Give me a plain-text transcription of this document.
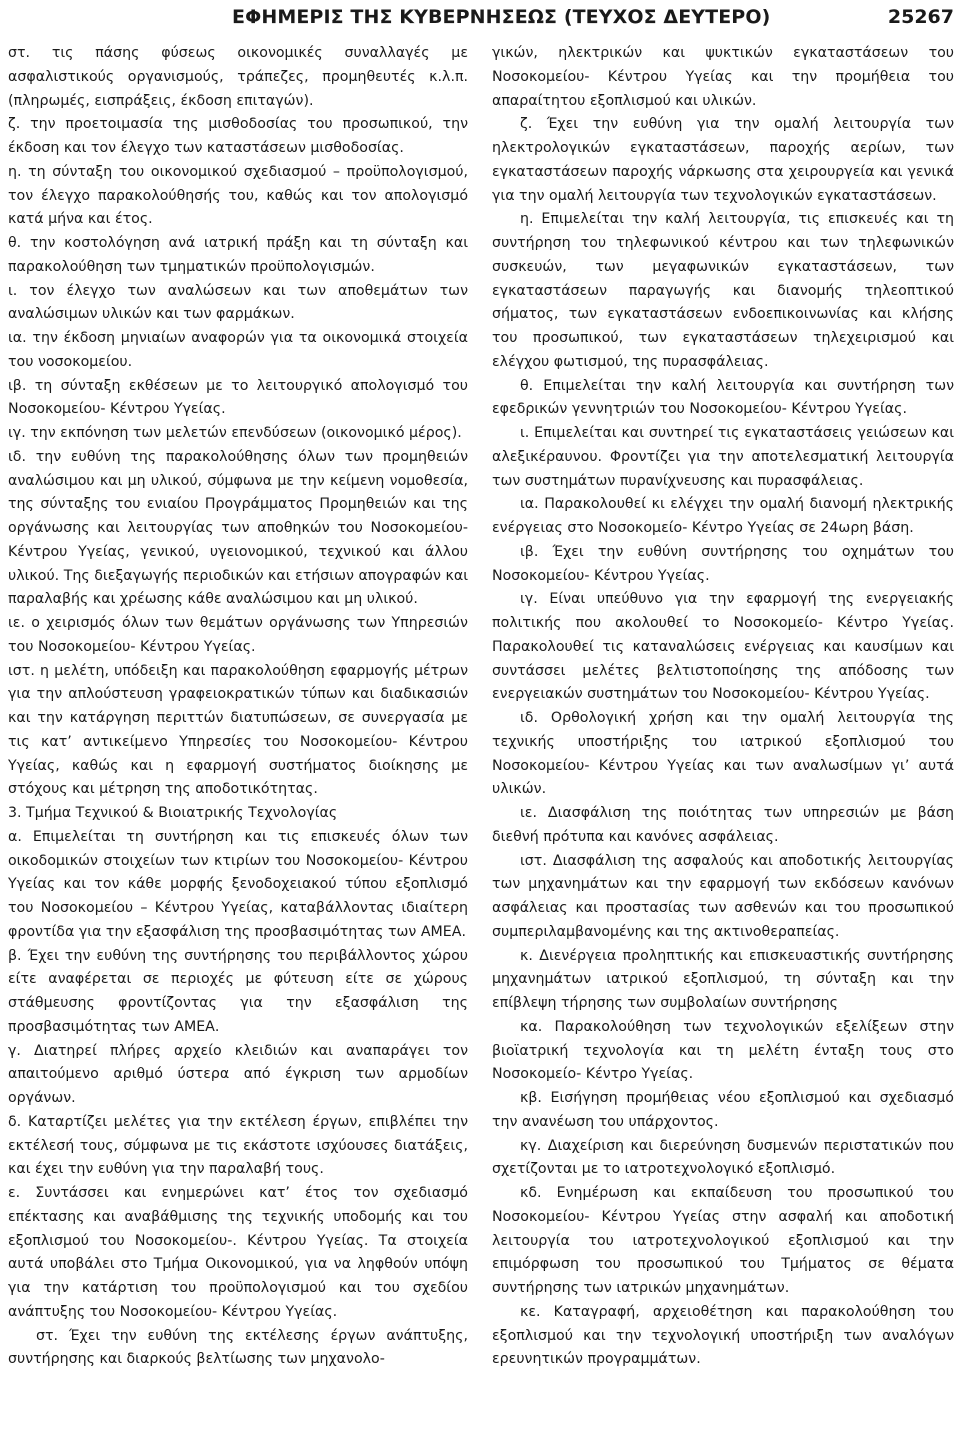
ΕΦΗΜΕΡΙΣ ΤΗΣ ΚΥΒΕΡΝΗΣΕΩΣ (ΤΕΥΧΟΣ ΔΕΥΤΕΡΟ)	25267

στ. τις πάσης φύσεως οικονομικές συναλλαγές με ασφαλιστικούς οργανισμούς, τράπεζες, προμηθευτές κ.λ.π. (πληρωμές, εισπράξεις, έκδοση επιταγών).

ζ. την προετοιμασία της μισθοδοσίας του προσωπικού, την έκδοση και τον έλεγχο των καταστάσεων μισθοδοσίας.

η. τη σύνταξη του οικονομικού σχεδιασμού – προϋπολογισμού, τον έλεγχο παρακολούθησής του, καθώς και τον απολογισμό κατά μήνα και έτος.

θ. την κοστολόγηση ανά ιατρική πράξη και τη σύνταξη και παρακολούθηση των τμηματικών προϋπολογισμών.

ι. τον έλεγχο των αναλώσεων και των αποθεμάτων των αναλώσιμων υλικών και των φαρμάκων.

ια. την έκδοση μηνιαίων αναφορών για τα οικονομικά στοιχεία του νοσοκομείου.

ιβ. τη σύνταξη εκθέσεων με το λειτουργικό απολογισμό του Νοσοκομείου- Κέντρου Υγείας.

ιγ. την εκπόνηση των μελετών επενδύσεων (οικονομικό μέρος).

ιδ. την ευθύνη της παρακολούθησης όλων των προμηθειών αναλώσιμου και μη υλικού, σύμφωνα με την κείμενη νομοθεσία, της σύνταξης του ενιαίου Προγράμματος Προμηθειών και της οργάνωσης και λειτουργίας των αποθηκών του Νοσοκομείου- Κέντρου Υγείας, γενικού, υγειονομικού, τεχνικού και άλλου υλικού. Της διεξαγωγής περιοδικών και ετήσιων απογραφών και παραλαβής και χρέωσης κάθε αναλώσιμου και μη υλικού.

ιε. ο χειρισμός όλων των θεμάτων οργάνωσης των Υπηρεσιών του Νοσοκομείου- Κέντρου Υγείας.

ιστ. η μελέτη, υπόδειξη και παρακολούθηση εφαρμογής μέτρων για την απλούστευση γραφειοκρατικών τύπων και διαδικασιών και την κατάργηση περιττών διατυπώσεων, σε συνεργασία με τις κατ’ αντικείμενο Υπηρεσίες του Νοσοκομείου- Κέντρου Υγείας, καθώς και η εφαρμογή συστήματος διοίκησης με στόχους και μέτρηση της αποδοτικότητας.

3. Τμήμα Τεχνικού & Βιοιατρικής Τεχνολογίας

α. Επιμελείται τη συντήρηση και τις επισκευές όλων των οικοδομικών στοιχείων των κτιρίων του Νοσοκομείου- Κέντρου Υγείας και τον κάθε μορφής ξενοδοχειακού τύπου εξοπλισμό του Νοσοκομείου – Κέντρου Υγείας, καταβάλλοντας ιδιαίτερη φροντίδα για την εξασφάλιση της προσβασιμότητας των ΑΜΕΑ.

β. Έχει την ευθύνη της συντήρησης του περιβάλλοντος χώρου είτε αναφέρεται σε περιοχές με φύτευση είτε σε χώρους στάθμευσης φροντίζοντας για την εξασφάλιση της προσβασιμότητας των ΑΜΕΑ.

γ. Διατηρεί πλήρες αρχείο κλειδιών και αναπαράγει τον απαιτούμενο αριθμό ύστερα από έγκριση των αρμοδίων οργάνων.

δ. Καταρτίζει μελέτες για την εκτέλεση έργων, επιβλέπει την εκτέλεσή τους, σύμφωνα με τις εκάστοτε ισχύουσες διατάξεις, και έχει την ευθύνη για την παραλαβή τους.

ε. Συντάσσει και ενημερώνει κατ’ έτος τον σχεδιασμό επέκτασης και αναβάθμισης της τεχνικής υποδομής και του εξοπλισμού του Νοσοκομείου-. Κέντρου Υγείας. Τα στοιχεία αυτά υποβάλει στο Τμήμα Οικονομικού, για να ληφθούν υπόψη για την κατάρτιση του προϋπολογισμού και του σχεδίου ανάπτυξης του Νοσοκομείου- Κέντρου Υγείας.

στ. Έχει την ευθύνη της εκτέλεσης έργων ανάπτυξης, συντήρησης και διαρκούς βελτίωσης των μηχανολο-

γικών, ηλεκτρικών και ψυκτικών εγκαταστάσεων του Νοσοκομείου- Κέντρου Υγείας και την προμήθεια του απαραίτητου εξοπλισμού και υλικών.

ζ. Έχει την ευθύνη για την ομαλή λειτουργία των ηλεκτρολογικών εγκαταστάσεων, παροχής αερίων, των εγκαταστάσεων παροχής νάρκωσης στα χειρουργεία και γενικά για την ομαλή λειτουργία των τεχνολογικών εγκαταστάσεων.

η. Επιμελείται την καλή λειτουργία, τις επισκευές και τη συντήρηση του τηλεφωνικού κέντρου και των τηλεφωνικών συσκευών, των μεγαφωνικών εγκαταστάσεων, των εγκαταστάσεων παραγωγής και διανομής τηλεοπτικού σήματος, των εγκαταστάσεων ενδοεπικοινωνίας και κλήσης του προσωπικού, των εγκαταστάσεων τηλεχειρισμού και ελέγχου φωτισμού, της πυρασφάλειας.

θ. Επιμελείται την καλή λειτουργία και συντήρηση των εφεδρικών γεννητριών του Νοσοκομείου- Κέντρου Υγείας.

ι. Επιμελείται και συντηρεί τις εγκαταστάσεις γειώσεων και αλεξικέραυνου. Φροντίζει για την αποτελεσματική λειτουργία των συστημάτων πυρανίχνευσης και πυρασφάλειας.

ια. Παρακολουθεί κι ελέγχει την ομαλή διανομή ηλεκτρικής ενέργειας στο Νοσοκομείο- Κέντρο Υγείας σε 24ωρη βάση.

ιβ. Έχει την ευθύνη συντήρησης του οχημάτων του Νοσοκομείου- Κέντρου Υγείας.

ιγ. Είναι υπεύθυνο για την εφαρμογή της ενεργειακής πολιτικής που ακολουθεί το Νοσοκομείο- Κέντρο Υγείας. Παρακολουθεί τις καταναλώσεις ενέργειας και καυσίμων και συντάσσει μελέτες βελτιστοποίησης της απόδοσης των ενεργειακών συστημάτων του Νοσοκομείου- Κέντρου Υγείας.

ιδ. Ορθολογική χρήση και την ομαλή λειτουργία της τεχνικής υποστήριξης του ιατρικού εξοπλισμού του Νοσοκομείου- Κέντρου Υγείας και των αναλωσίμων γι’ αυτά υλικών.

ιε. Διασφάλιση της ποιότητας των υπηρεσιών με βάση διεθνή πρότυπα και κανόνες ασφάλειας.

ιστ. Διασφάλιση της ασφαλούς και αποδοτικής λειτουργίας των μηχανημάτων και την εφαρμογή των εκδόσεων κανόνων ασφάλειας και προστασίας των ασθενών και του προσωπικού συμπεριλαμβανομένης και της ακτινοθεραπείας.

κ. Διενέργεια προληπτικής και επισκευαστικής συντήρησης μηχανημάτων ιατρικού εξοπλισμού, τη σύνταξη και την επίβλεψη τήρησης των συμβολαίων συντήρησης

κα. Παρακολούθηση των τεχνολογικών εξελίξεων στην βιοϊατρική τεχνολογία και τη μελέτη ένταξη τους στο Νοσοκομείο- Κέντρο Υγείας.

κβ. Εισήγηση προμήθειας νέου εξοπλισμού και σχεδιασμό την ανανέωση του υπάρχοντος.

κγ. Διαχείριση και διερεύνηση δυσμενών περιστατικών που σχετίζονται με το ιατροτεχνολογικό εξοπλισμό.

κδ. Ενημέρωση και εκπαίδευση του προσωπικού του Νοσοκομείου- Κέντρου Υγείας στην ασφαλή και αποδοτική λειτουργία του ιατροτεχνολογικού εξοπλισμού και την επιμόρφωση του προσωπικού του Τμήματος σε θέματα συντήρησης των ιατρικών μηχανημάτων.

κε. Καταγραφή, αρχειοθέτηση και παρακολούθηση του εξοπλισμού και την τεχνολογική υποστήριξη των αναλόγων ερευνητικών προγραμμάτων.
